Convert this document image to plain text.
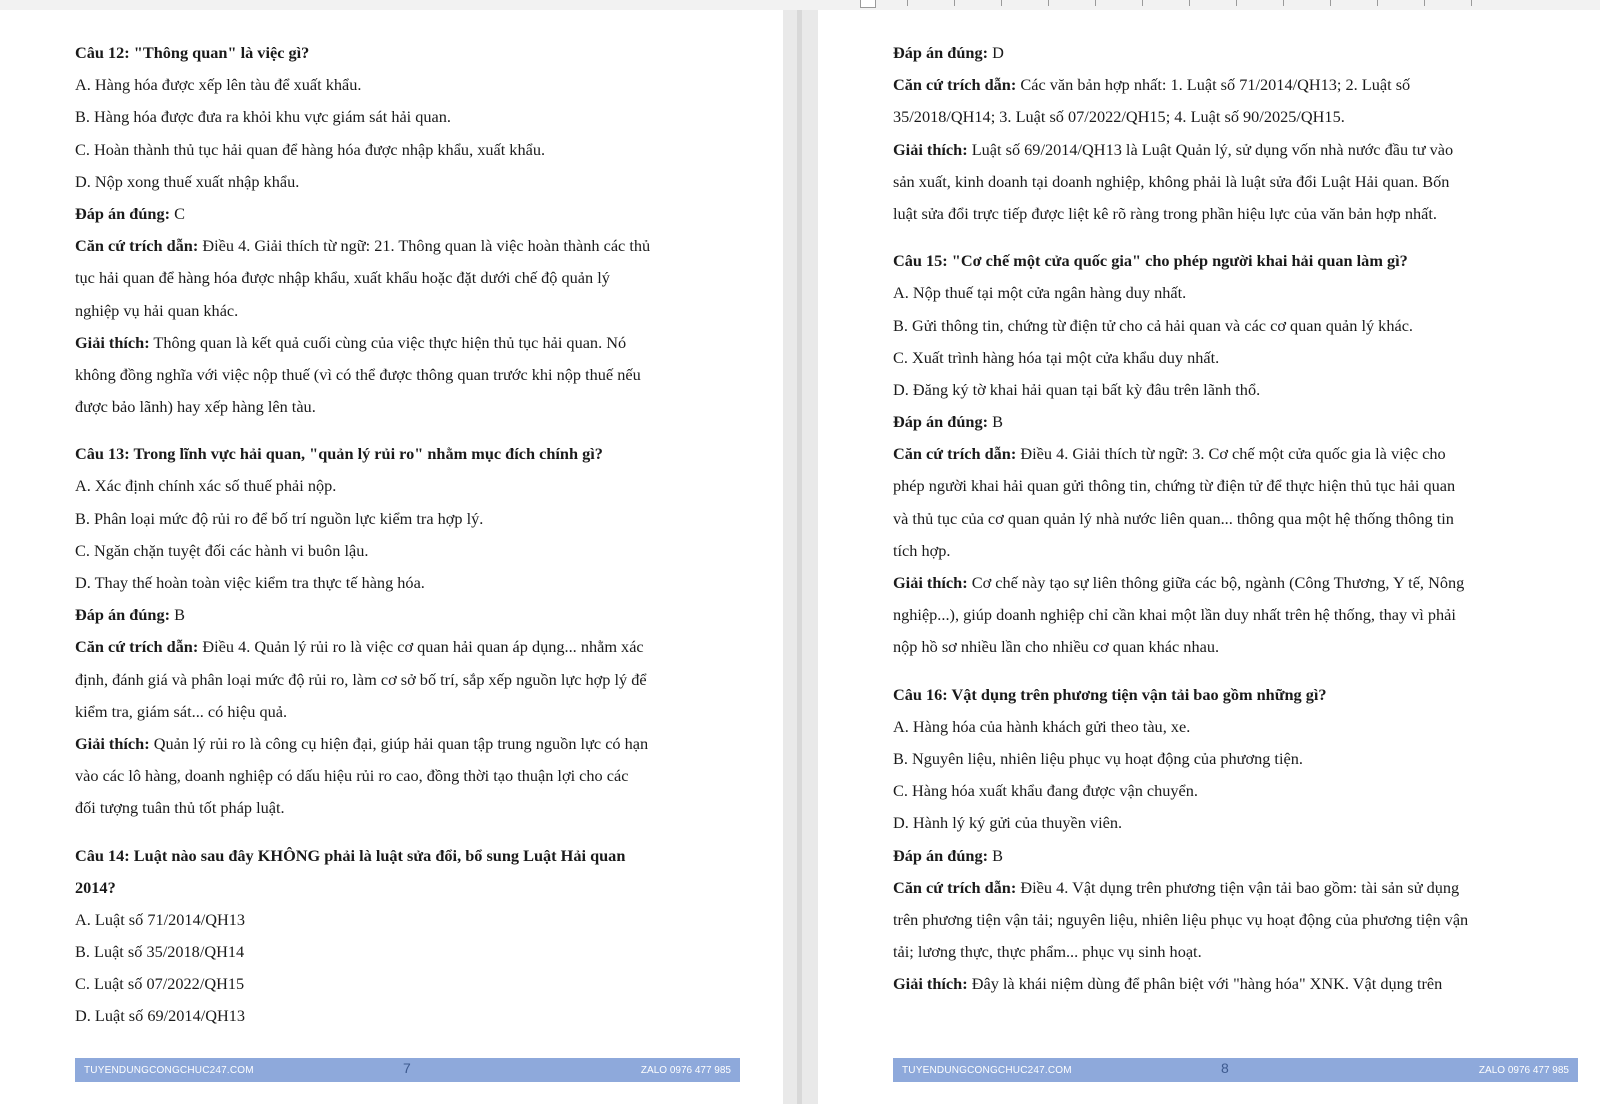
Câu 12: "Thông quan" là việc gì?
A. Hàng hóa được xếp lên tàu để xuất khẩu.
B. Hàng hóa được đưa ra khỏi khu vực giám sát hải quan.
C. Hoàn thành thủ tục hải quan để hàng hóa được nhập khẩu, xuất khẩu.
D. Nộp xong thuế xuất nhập khẩu.
Đáp án đúng: C
Căn cứ trích dẫn: Điều 4. Giải thích từ ngữ: 21. Thông quan là việc hoàn thành các thủ
tục hải quan để hàng hóa được nhập khẩu, xuất khẩu hoặc đặt dưới chế độ quản lý
nghiệp vụ hải quan khác.
Giải thích: Thông quan là kết quả cuối cùng của việc thực hiện thủ tục hải quan. Nó
không đồng nghĩa với việc nộp thuế (vì có thể được thông quan trước khi nộp thuế nếu
được bảo lãnh) hay xếp hàng lên tàu.
Câu 13: Trong lĩnh vực hải quan, "quản lý rủi ro" nhằm mục đích chính gì?
A. Xác định chính xác số thuế phải nộp.
B. Phân loại mức độ rủi ro để bố trí nguồn lực kiểm tra hợp lý.
C. Ngăn chặn tuyệt đối các hành vi buôn lậu.
D. Thay thế hoàn toàn việc kiểm tra thực tế hàng hóa.
Đáp án đúng: B
Căn cứ trích dẫn: Điều 4. Quản lý rủi ro là việc cơ quan hải quan áp dụng... nhằm xác
định, đánh giá và phân loại mức độ rủi ro, làm cơ sở bố trí, sắp xếp nguồn lực hợp lý để
kiểm tra, giám sát... có hiệu quả.
Giải thích: Quản lý rủi ro là công cụ hiện đại, giúp hải quan tập trung nguồn lực có hạn
vào các lô hàng, doanh nghiệp có dấu hiệu rủi ro cao, đồng thời tạo thuận lợi cho các
đối tượng tuân thủ tốt pháp luật.
Câu 14: Luật nào sau đây KHÔNG phải là luật sửa đổi, bổ sung Luật Hải quan
2014?
A. Luật số 71/2014/QH13
B. Luật số 35/2018/QH14
C. Luật số 07/2022/QH15
D. Luật số 69/2014/QH13
TUYENDUNGCONGCHUC247.COM	7	ZALO 0976 477 985
Đáp án đúng: D
Căn cứ trích dẫn: Các văn bản hợp nhất: 1. Luật số 71/2014/QH13; 2. Luật số
35/2018/QH14; 3. Luật số 07/2022/QH15; 4. Luật số 90/2025/QH15.
Giải thích: Luật số 69/2014/QH13 là Luật Quản lý, sử dụng vốn nhà nước đầu tư vào
sản xuất, kinh doanh tại doanh nghiệp, không phải là luật sửa đổi Luật Hải quan. Bốn
luật sửa đổi trực tiếp được liệt kê rõ ràng trong phần hiệu lực của văn bản hợp nhất.
Câu 15: "Cơ chế một cửa quốc gia" cho phép người khai hải quan làm gì?
A. Nộp thuế tại một cửa ngân hàng duy nhất.
B. Gửi thông tin, chứng từ điện tử cho cả hải quan và các cơ quan quản lý khác.
C. Xuất trình hàng hóa tại một cửa khẩu duy nhất.
D. Đăng ký tờ khai hải quan tại bất kỳ đâu trên lãnh thổ.
Đáp án đúng: B
Căn cứ trích dẫn: Điều 4. Giải thích từ ngữ: 3. Cơ chế một cửa quốc gia là việc cho
phép người khai hải quan gửi thông tin, chứng từ điện tử để thực hiện thủ tục hải quan
và thủ tục của cơ quan quản lý nhà nước liên quan... thông qua một hệ thống thông tin
tích hợp.
Giải thích: Cơ chế này tạo sự liên thông giữa các bộ, ngành (Công Thương, Y tế, Nông
nghiệp...), giúp doanh nghiệp chỉ cần khai một lần duy nhất trên hệ thống, thay vì phải
nộp hồ sơ nhiều lần cho nhiều cơ quan khác nhau.
Câu 16: Vật dụng trên phương tiện vận tải bao gồm những gì?
A. Hàng hóa của hành khách gửi theo tàu, xe.
B. Nguyên liệu, nhiên liệu phục vụ hoạt động của phương tiện.
C. Hàng hóa xuất khẩu đang được vận chuyển.
D. Hành lý ký gửi của thuyền viên.
Đáp án đúng: B
Căn cứ trích dẫn: Điều 4. Vật dụng trên phương tiện vận tải bao gồm: tài sản sử dụng
trên phương tiện vận tải; nguyên liệu, nhiên liệu phục vụ hoạt động của phương tiện vận
tải; lương thực, thực phẩm... phục vụ sinh hoạt.
Giải thích: Đây là khái niệm dùng để phân biệt với "hàng hóa" XNK. Vật dụng trên
TUYENDUNGCONGCHUC247.COM	8	ZALO 0976 477 985
